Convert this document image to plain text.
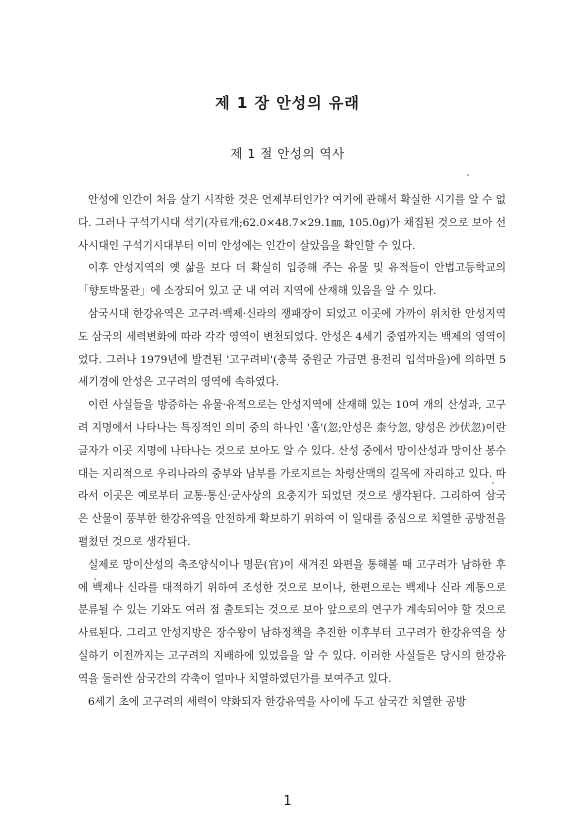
제 1 장 안성의 유래
제 1 절 안성의 역사

안성에 인간이 처음 살기 시작한 것은 언제부터인가? 여기에 관해서 확실한 시기를 알 수 없다. 그러나 구석기시대 석기(자료개;62.0×48.7×29.1㎜, 105.0g)가 채집된 것으로 보아 선사시대인 구석기시대부터 이미 안성에는 인간이 살았음을 확인할 수 있다.

이후 안성지역의 옛 삶을 보다 더 확실히 입증해 주는 유물 및 유적들이 안법고등학교의 「향토박물관」에 소장되어 있고 군 내 여러 지역에 산재해 있음을 알 수 있다.

삼국시대 한강유역은 고구려·백제·신라의 쟁패장이 되었고 이곳에 가까이 위치한 안성지역도 삼국의 세력변화에 따라 각각 영역이 변천되었다. 안성은 4세기 중엽까지는 백제의 영역이었다. 그러나 1979년에 발견된 '고구려비'(충북 중원군 가금면 용전리 입석마을)에 의하면 5세기경에 안성은 고구려의 영역에 속하였다.

이런 사실들을 방증하는 유물·유적으로는 안성지역에 산재해 있는 10여 개의 산성과, 고구려 지명에서 나타나는 특징적인 의미 중의 하나인 '홀'(忽;안성은 柰兮忽, 양성은 沙伏忽)이란 글자가 이곳 지명에 나타나는 것으로 보아도 알 수 있다. 산성 중에서 망이산성과 망이산 봉수대는 지리적으로 우리나라의 중부와 남부를 가로지르는 차령산맥의 길목에 자리하고 있다. 따라서 이곳은 예로부터 교통·통신·군사상의 요충지가 되었던 것으로 생각된다. 그리하여 삼국은 산물이 풍부한 한강유역을 안전하게 확보하기 위하여 이 일대를 중심으로 치열한 공방전을 펼쳤던 것으로 생각된다.

실제로 망이산성의 축조양식이나 명문(官)이 새겨진 와편을 통해볼 때 고구려가 남하한 후에 백제나 신라를 대적하기 위하여 조성한 것으로 보이나, 한편으로는 백제나 신라 계통으로 분류될 수 있는 기와도 여러 점 출토되는 것으로 보아 앞으로의 연구가 계속되어야 할 것으로 사료된다. 그리고 안성지방은 장수왕이 남하정책을 추진한 이후부터 고구려가 한강유역을 상실하기 이전까지는 고구려의 지배하에 있었음을 알 수 있다. 이러한 사실들은 당시의 한강유역을 둘러싼 삼국간의 각축이 얼마나 치열하였던가를 보여주고 있다.

6세기 초에 고구려의 세력이 약화되자 한강유역을 사이에 두고 삼국간 치열한 공방

1
